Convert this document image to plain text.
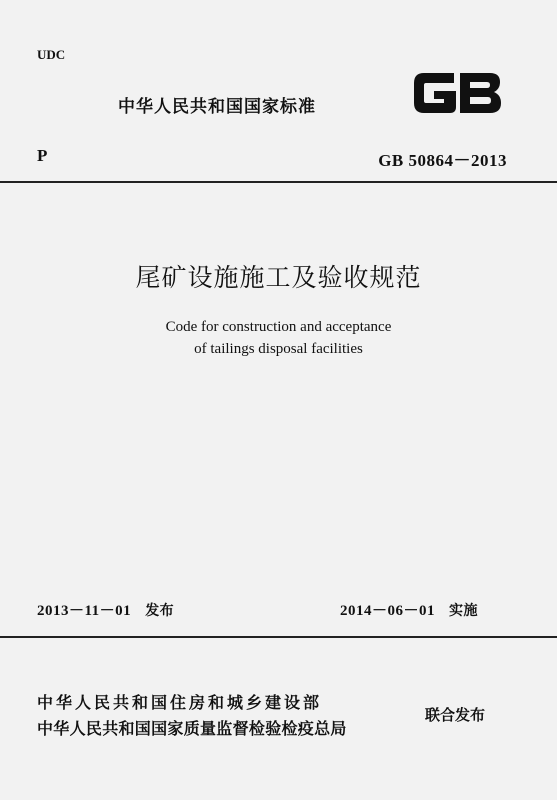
UDC
中华人民共和国国家标准
P	GB 50864－2013
尾矿设施施工及验收规范
Code for construction and acceptance
of tailings disposal facilities
2013－11－01 发布	2014－06－01 实施
中华人民共和国住房和城乡建设部
中华人民共和国国家质量监督检验检疫总局
联合发布
